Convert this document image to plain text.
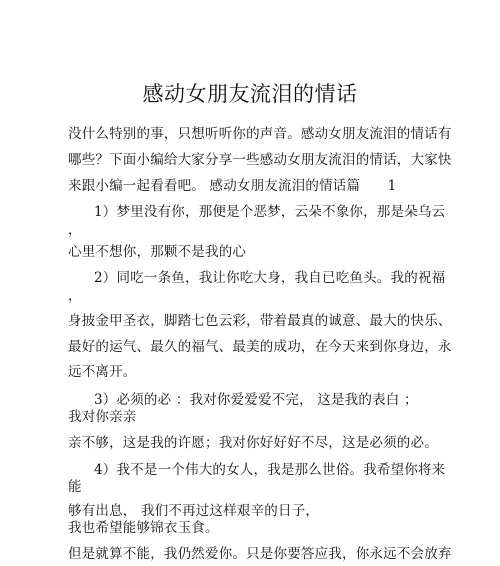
感动女朋友流泪的情话
没什么特别的事，只想听听你的声音。感动女朋友流泪的情话有
哪些？下面小编给大家分享一些感动女朋友流泪的情话，大家快
来跟小编一起看看吧。 感动女朋友流泪的情话篇　　1
1）梦里没有你，那便是个恶梦，云朵不象你，那是朵乌云
，
心里不想你，那颗不是我的心
2）同吃一条鱼，我让你吃大身，我自已吃鱼头。我的祝福
，
身披金甲圣衣，脚踏七色云彩，带着最真的诚意、最大的快乐、
最好的运气、最久的福气、最美的成功，在今天来到你身边，永
远不离开。
3）必须的必 ：我对你爱爱爱不完， 这是我的表白 ；
我对你亲亲
亲不够，这是我的许愿；我对你好好好不尽，这是必须的必。
4）我不是一个伟大的女人，我是那么世俗。我希望你将来
能
够有出息， 我们不再过这样艰辛的日子，
我也希望能够锦衣玉食。
但是就算不能，我仍然爱你。只是你要答应我，你永远不会放弃
